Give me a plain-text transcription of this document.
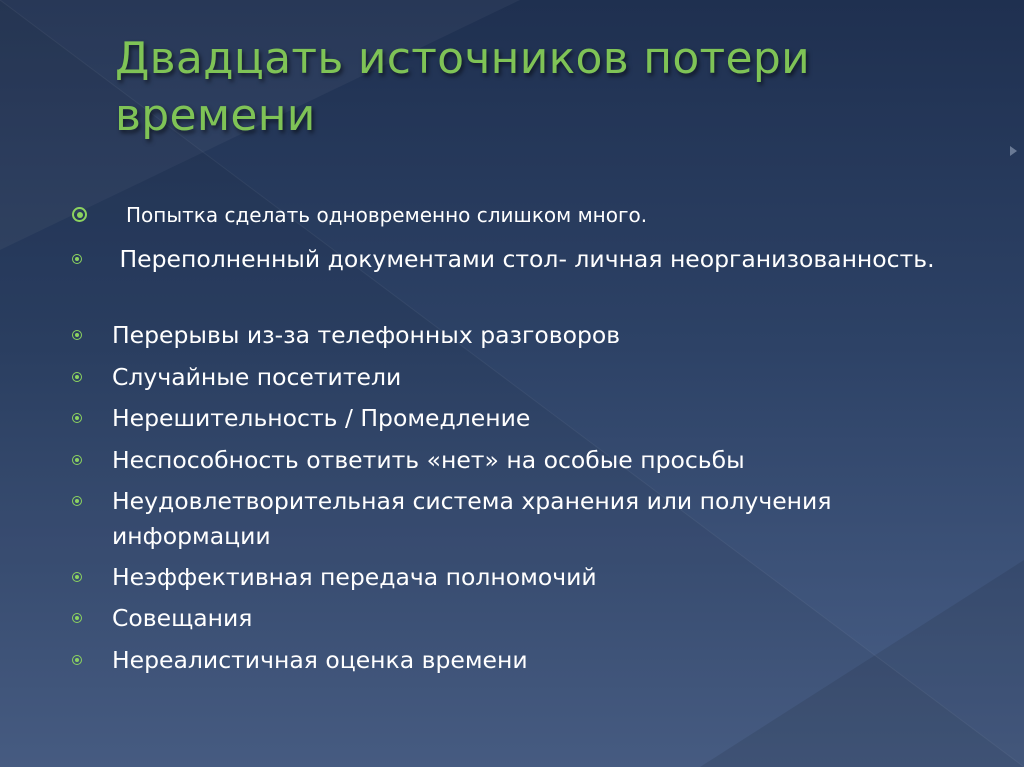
Двадцать источников потери времени
Попытка сделать одновременно слишком много.
Переполненный документами стол- личная неорганизованность.
Перерывы из-за телефонных разговоров
Случайные посетители
Нерешительность / Промедление
Неспособность ответить «нет» на особые просьбы
Неудовлетворительная система хранения или получения информации
Неэффективная передача полномочий
Совещания
Нереалистичная оценка времени
